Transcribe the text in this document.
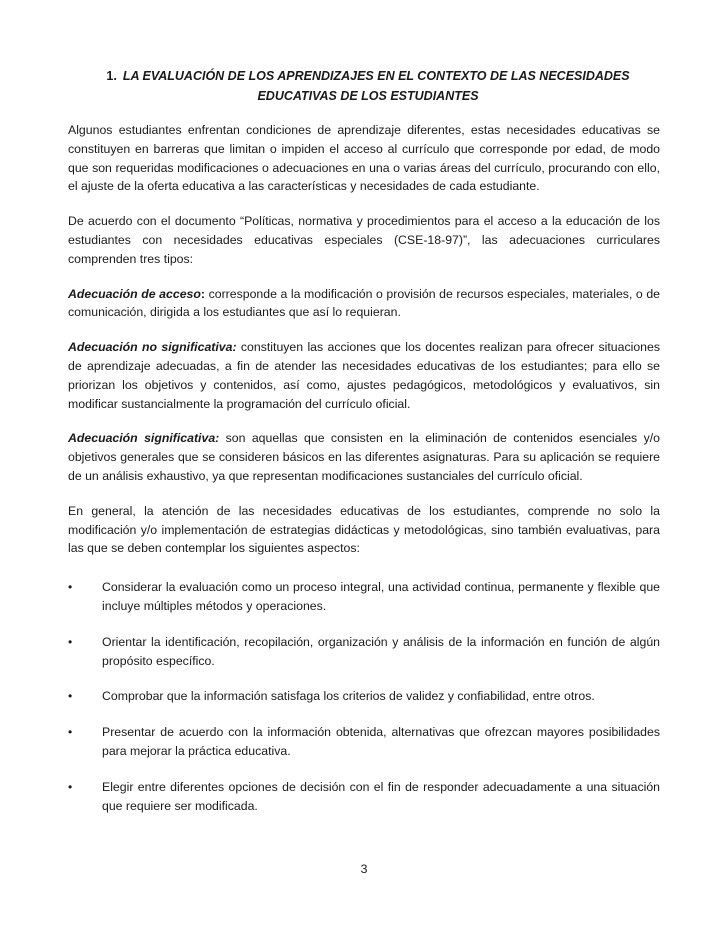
1. LA EVALUACIÓN DE LOS APRENDIZAJES EN EL CONTEXTO DE LAS NECESIDADES EDUCATIVAS DE LOS ESTUDIANTES

Algunos estudiantes enfrentan condiciones de aprendizaje diferentes, estas necesidades educativas se constituyen en barreras que limitan o impiden el acceso al currículo que corresponde por edad, de modo que son requeridas modificaciones o adecuaciones en una o varias áreas del currículo, procurando con ello, el ajuste de la oferta educativa a las características y necesidades de cada estudiante.

De acuerdo con el documento “Políticas, normativa y procedimientos para el acceso a la educación de los estudiantes con necesidades educativas especiales (CSE-18-97)”, las adecuaciones curriculares comprenden tres tipos:

Adecuación de acceso: corresponde a la modificación o provisión de recursos especiales, materiales, o de comunicación, dirigida a los estudiantes que así lo requieran.

Adecuación no significativa: constituyen las acciones que los docentes realizan para ofrecer situaciones de aprendizaje adecuadas, a fin de atender las necesidades educativas de los estudiantes; para ello se priorizan los objetivos y contenidos, así como, ajustes pedagógicos, metodológicos y evaluativos, sin modificar sustancialmente la programación del currículo oficial.

Adecuación significativa: son aquellas que consisten en la eliminación de contenidos esenciales y/o objetivos generales que se consideren básicos en las diferentes asignaturas. Para su aplicación se requiere de un análisis exhaustivo, ya que representan modificaciones sustanciales del currículo oficial.

En general, la atención de las necesidades educativas de los estudiantes, comprende no solo la modificación y/o implementación de estrategias didácticas y metodológicas, sino también evaluativas, para las que se deben contemplar los siguientes aspectos:

•	Considerar la evaluación como un proceso integral, una actividad continua, permanente y flexible que incluye múltiples métodos y operaciones.
•	Orientar la identificación, recopilación, organización y análisis de la información en función de algún propósito específico.
•	Comprobar que la información satisfaga los criterios de validez y confiabilidad, entre otros.
•	Presentar de acuerdo con la información obtenida, alternativas que ofrezcan mayores posibilidades para mejorar la práctica educativa.
•	Elegir entre diferentes opciones de decisión con el fin de responder adecuadamente a una situación que requiere ser modificada.
3
